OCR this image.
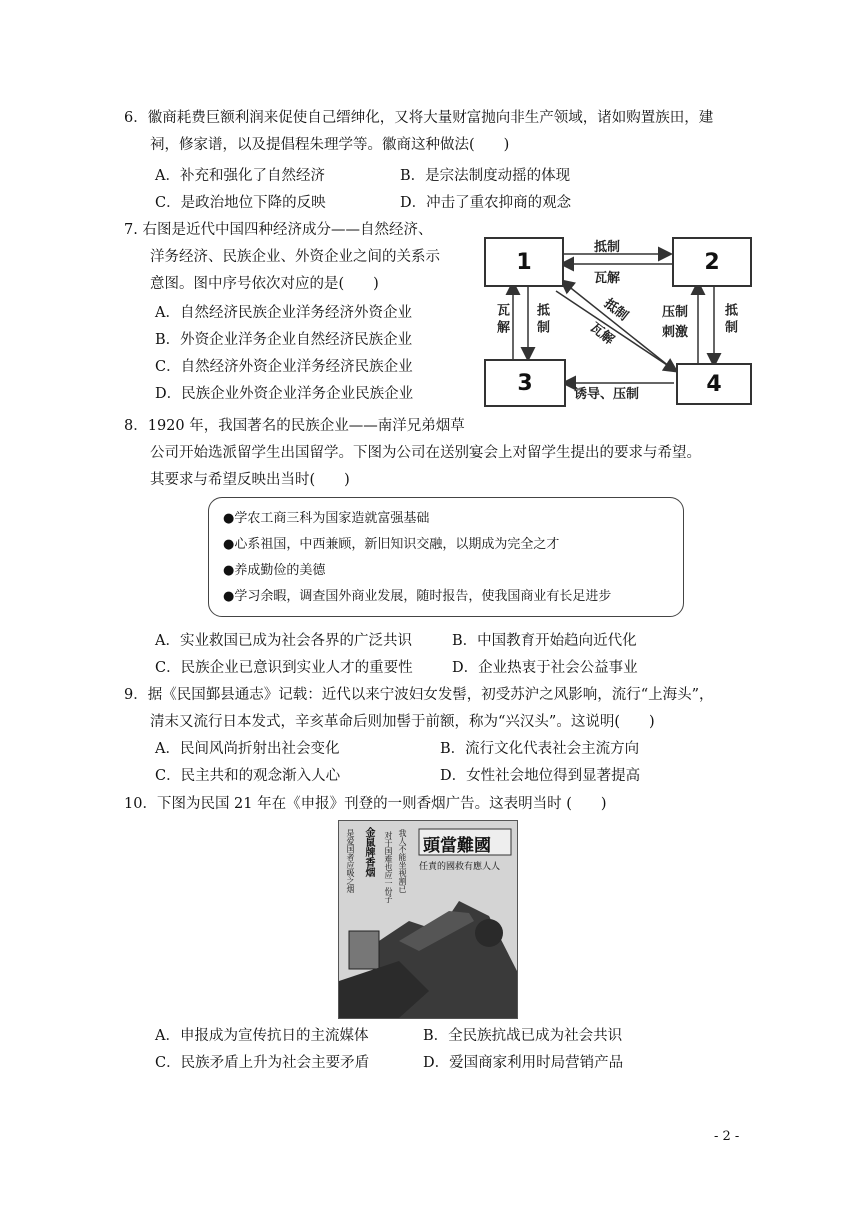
6．徽商耗费巨额利润来促使自己缙绅化，又将大量财富抛向非生产领域，诸如购置族田，建
祠，修家谱，以及提倡程朱理学等。徽商这种做法(　　)
A．补充和强化了自然经济	B．是宗法制度动摇的体现
C．是政治地位下降的反映	D．冲击了重农抑商的观念
7. 右图是近代中国四种经济成分——自然经济、
洋务经济、民族企业、外资企业之间的关系示
意图。图中序号依次对应的是(　　)
A．自然经济民族企业洋务经济外资企业
B．外资企业洋务企业自然经济民族企业
C．自然经济外资企业洋务经济民族企业
D．民族企业外资企业洋务企业民族企业
1	2
3	4
抵制
瓦解
瓦解 抵制	抵制
瓦解
压制
刺激	抵制
诱导、压制
8．1920 年，我国著名的民族企业——南洋兄弟烟草
公司开始选派留学生出国留学。下图为公司在送别宴会上对留学生提出的要求与希望。
其要求与希望反映出当时(　　)
●学农工商三科为国家造就富强基础
●心系祖国，中西兼顾，新旧知识交融，以期成为完全之才
●养成勤俭的美德
●学习余暇，调查国外商业发展，随时报告，使我国商业有长足进步
A．实业救国已成为社会各界的广泛共识	B．中国教育开始趋向近代化
C．民族企业已意识到实业人才的重要性	D．企业热衷于社会公益事业
9．据《民国鄞县通志》记载：近代以来宁波妇女发髻，初受苏沪之风影响，流行“上海头”，
清末又流行日本发式，辛亥革命后则加髻于前额，称为“兴汉头”。这说明(　　)
A．民间风尚折射出社会变化	B．流行文化代表社会主流方向
C．民主共和的观念渐入人心	D．女性社会地位得到显著提高
10．下图为民国 21 年在《申报》刊登的一则香烟广告。这表明当时 (　　)
頭當難國
任責的國救有應人人
我人不能坐视割已
对于国难也应一份子
金鼠牌香烟
是爱国者应吸之烟
A．申报成为宣传抗日的主流媒体	B．全民族抗战已成为社会共识
C．民族矛盾上升为社会主要矛盾	D．爱国商家利用时局营销产品
- 2 -
